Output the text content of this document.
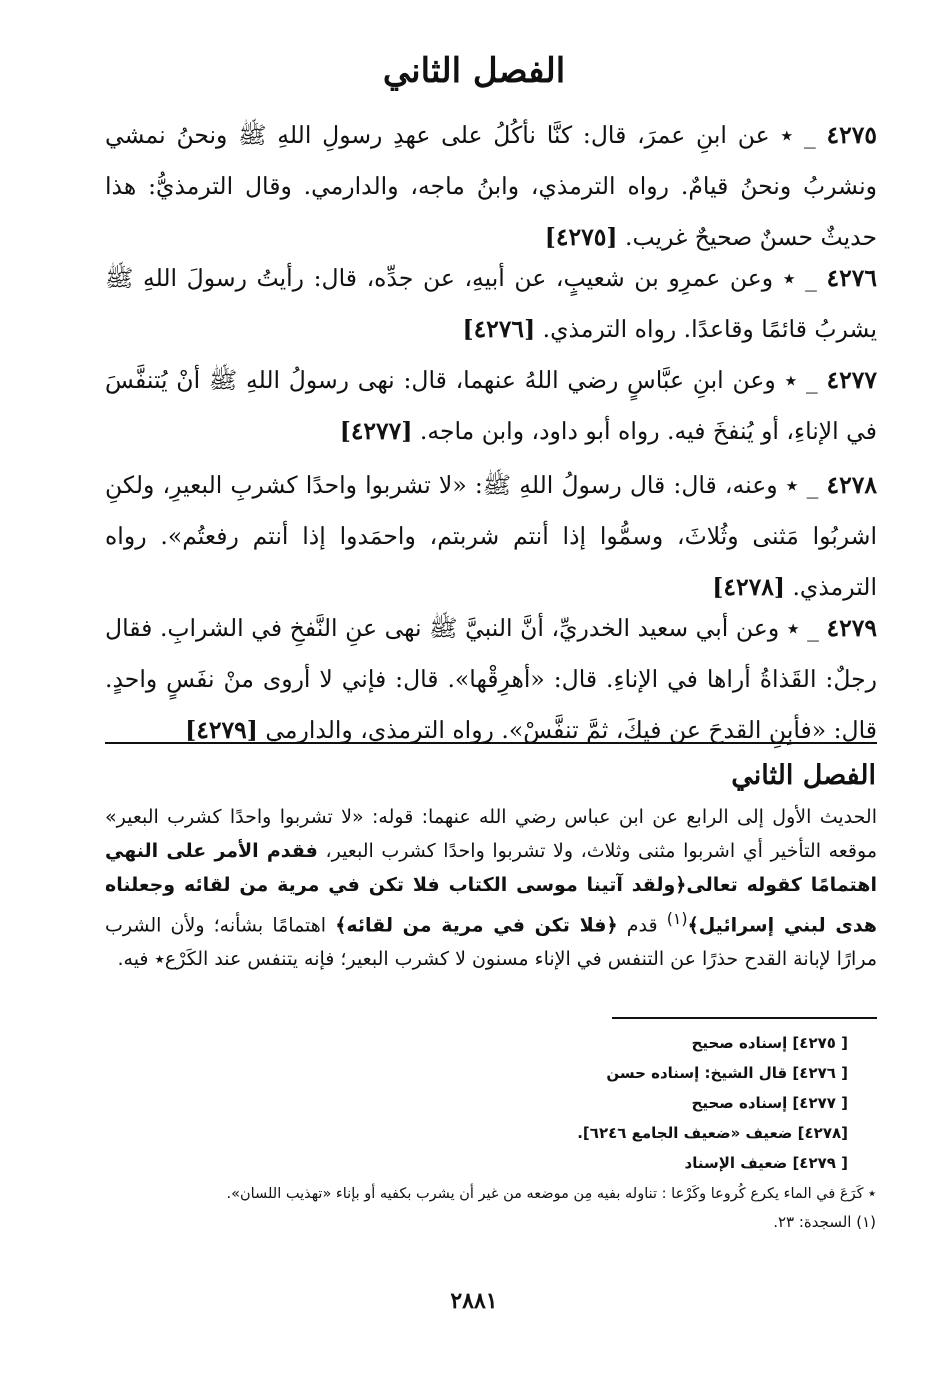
الفصل الثاني
٤٢٧٥ _ ٭ عن ابنِ عمرَ، قال: كنَّا نأكُلُ على عهدِ رسولِ اللهِ ﷺ ونحنُ نمشي ونشربُ ونحنُ قيامٌ. رواه الترمذي، وابنُ ماجه، والدارمي. وقال الترمذيُّ: هذا حديثٌ حسنٌ صحيحٌ غريب. [٤٢٧٥]
٤٢٧٦ _ ٭ وعن عمرِو بن شعيبٍ، عن أبيهِ، عن جدِّه، قال: رأيتُ رسولَ اللهِ ﷺ يشربُ قائمًا وقاعدًا. رواه الترمذي. [٤٢٧٦]
٤٢٧٧ _ ٭ وعن ابنِ عبَّاسٍ رضي اللهُ عنهما، قال: نهى رسولُ اللهِ ﷺ أنْ يُتنفَّسَ في الإناءِ، أو يُنفخَ فيه. رواه أبو داود، وابن ماجه. [٤٢٧٧]
٤٢٧٨ _ ٭ وعنه، قال: قال رسولُ اللهِ ﷺ: «لا تشربوا واحدًا كشربِ البعيرِ، ولكنِ اشربُوا مَثنى وثُلاثَ، وسمُّوا إذا أنتم شربتم، واحمَدوا إذا أنتم رفعتُم». رواه الترمذي. [٤٢٧٨]
٤٢٧٩ _ ٭ وعن أبي سعيد الخدريِّ، أنَّ النبيَّ ﷺ نهى عنِ النَّفخِ في الشرابِ. فقال رجلٌ: القَذاةُ أراها في الإناءِ. قال: «أهرِقْها». قال: فإني لا أروى منْ نفَسٍ واحدٍ. قال: «فأبِنِ القدحَ عن فيكَ، ثمَّ تنفَّسْ». رواه الترمذي، والدارمي [٤٢٧٩]
الفصل الثاني
الحديث الأول إلى الرابع عن ابن عباس رضي الله عنهما: قوله: «لا تشربوا واحدًا كشرب البعير» موقعه التأخير أي اشربوا مثنى وثلاث، ولا تشربوا واحدًا كشرب البعير، فقدم الأمر على النهي اهتمامًا كقوله تعالى﴿ولقد آتينا موسى الكتاب فلا تكن في مرية من لقائه وجعلناه هدى لبني إسرائيل﴾$^{(١)}$ قدم ﴿فلا تكن في مرية من لقائه﴾ اهتمامًا بشأنه؛ ولأن الشرب مرارًا لإبانة القدح حذرًا عن التنفس في الإناء مسنون لا كشرب البعير؛ فإنه يتنفس عند الكَرْع٭ فيه.
[ ٤٢٧٥] إسناده صحيح
[ ٤٢٧٦] قال الشيخ: إسناده حسن
[ ٤٢٧٧] إسناده صحيح
[٤٢٧٨] ضعيف «ضعيف الجامع ٦٢٤٦].
[ ٤٢٧٩] ضعيف الإسناد
٭ كَرَعَ في الماء يكرع كُروعا وكَرْعا : تناوله بفيه مِن موضعه من غير أن يشرب بكفيه أو بإناء «تهذيب اللسان».
(١) السجدة: ٢٣.
٢٨٨١
